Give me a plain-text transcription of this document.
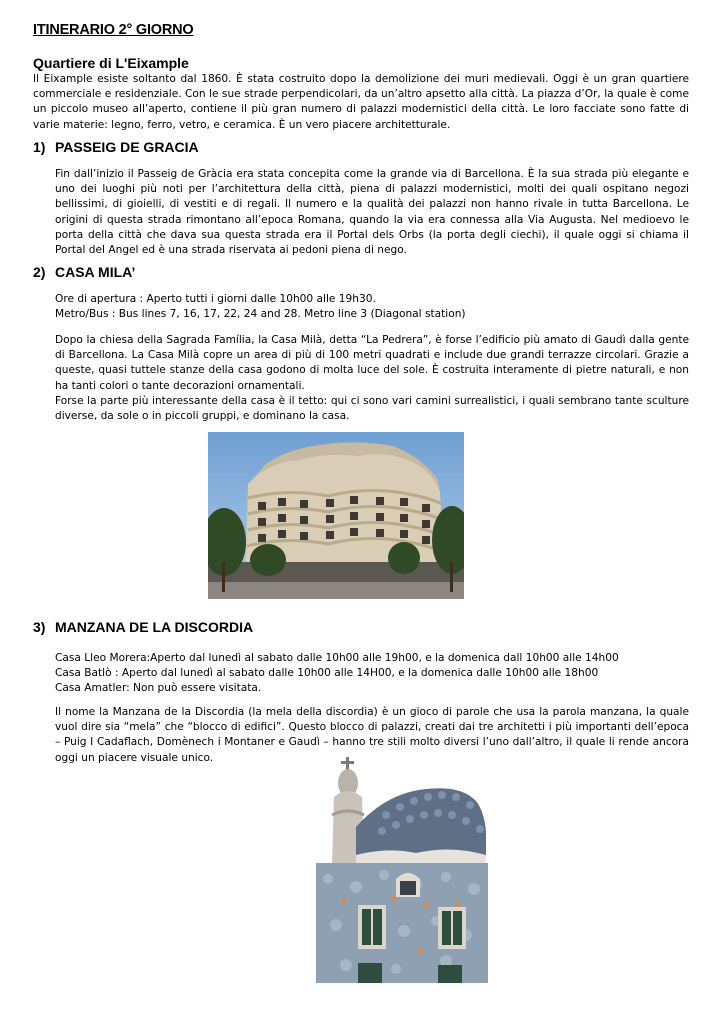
ITINERARIO 2° GIORNO
Quartiere di L'Eixample
Il Eixample esiste soltanto dal 1860. È stata costruito dopo la demolizione dei muri medievali. Oggi è un gran quartiere commerciale e residenziale. Con le sue strade perpendicolari, da un’altro apsetto alla città. La piazza d’Or, la quale è come un piccolo museo all’aperto, contiene il più gran numero di palazzi modernistici della città. Le loro facciate sono fatte di varie materie: legno, ferro, vetro, e ceramica. È un vero piacere architetturale.
1) PASSEIG DE GRACIA
Fin dall’inizio il Passeig de Gràcia era stata concepita come la grande via di Barcellona. È la sua strada più elegante e uno dei luoghi più noti per l’architettura della città, piena di palazzi modernistici, molti dei quali ospitano negozi bellissimi, di gioielli, di vestiti e di regali. Il numero e la qualità dei palazzi non hanno rivale in tutta Barcellona. Le origini di questa strada rimontano all’epoca Romana, quando la via era connessa alla Via Augusta. Nel medioevo le porta della città che dava sua questa strada era il Portal dels Orbs (la porta degli ciechi), il quale oggi si chiama il Portal del Angel ed è una strada riservata ai pedoni piena di nego.
2) CASA MILA’

Ore di apertura : Aperto tutti i giorni dalle 10h00 alle 19h30.

Metro/Bus : Bus lines 7, 16, 17, 22, 24 and 28. Metro line 3 (Diagonal station)

Dopo la chiesa della Sagrada Família, la Casa Milà, detta “La Pedrera”, è forse l’edificio più amato di Gaudì dalla gente di Barcellona. La Casa Milà copre un area di più di 100 metri quadrati e include due grandi terrazze circolari. Grazie a queste, quasi tuttele stanze della casa godono di molta luce del sole. È costruita interamente di pietre naturali, e non ha tanti colori o tante decorazioni ornamentali.

Forse la parte più interessante della casa è il tetto: qui ci sono vari camini surrealistici, i quali sembrano tante sculture diverse, da sole o in piccoli gruppi, e dominano la casa.

3) MANZANA DE LA DISCORDIA

Casa Lleo Morera:Aperto dal lunedì al sabato dalle 10h00 alle 19h00, e la domenica dall 10h00 alle 14h00

Casa Batlò : Aperto dal lunedì al sabato dalle 10h00 alle 14H00, e la domenica dalle 10h00 alle 18h00

Casa Amatler: Non può essere visitata.

Il nome la Manzana de la Discordia (la mela della discordia) è un gioco di parole che usa la parola manzana, la quale vuol dire sia “mela” che “blocco di edifici”. Questo blocco di palazzi, creati dai tre architetti i più importanti dell’epoca – Puig I Cadaflach, Domènech i Montaner e Gaudì – hanno tre stili molto diversi l’uno dall’altro, il quale li rende ancora oggi un piacere visuale unico.
